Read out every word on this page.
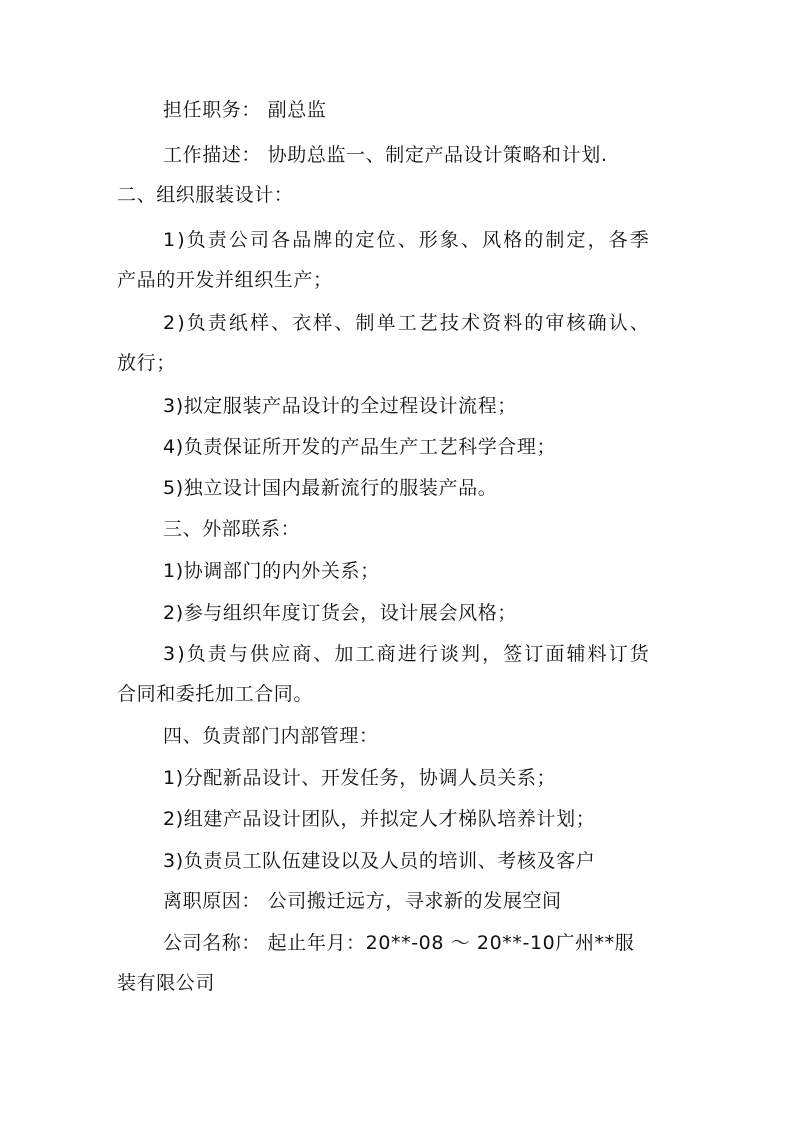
担任职务： 副总监
工作描述： 协助总监一、制定产品设计策略和计划.
二、组织服装设计：
1)负责公司各品牌的定位、形象、风格的制定，各季
产品的开发并组织生产；
2)负责纸样、衣样、制单工艺技术资料的审核确认、
放行；
3)拟定服装产品设计的全过程设计流程；
4)负责保证所开发的产品生产工艺科学合理；
5)独立设计国内最新流行的服装产品。
三、外部联系：
1)协调部门的内外关系；
2)参与组织年度订货会，设计展会风格；
3)负责与供应商、加工商进行谈判，签订面辅料订货
合同和委托加工合同。
四、负责部门内部管理：
1)分配新品设计、开发任务，协调人员关系；
2)组建产品设计团队，并拟定人才梯队培养计划；
3)负责员工队伍建设以及人员的培训、考核及客户
离职原因： 公司搬迁远方，寻求新的发展空间
公司名称： 起止年月：20**-08 ～ 20**-10广州**服
装有限公司
